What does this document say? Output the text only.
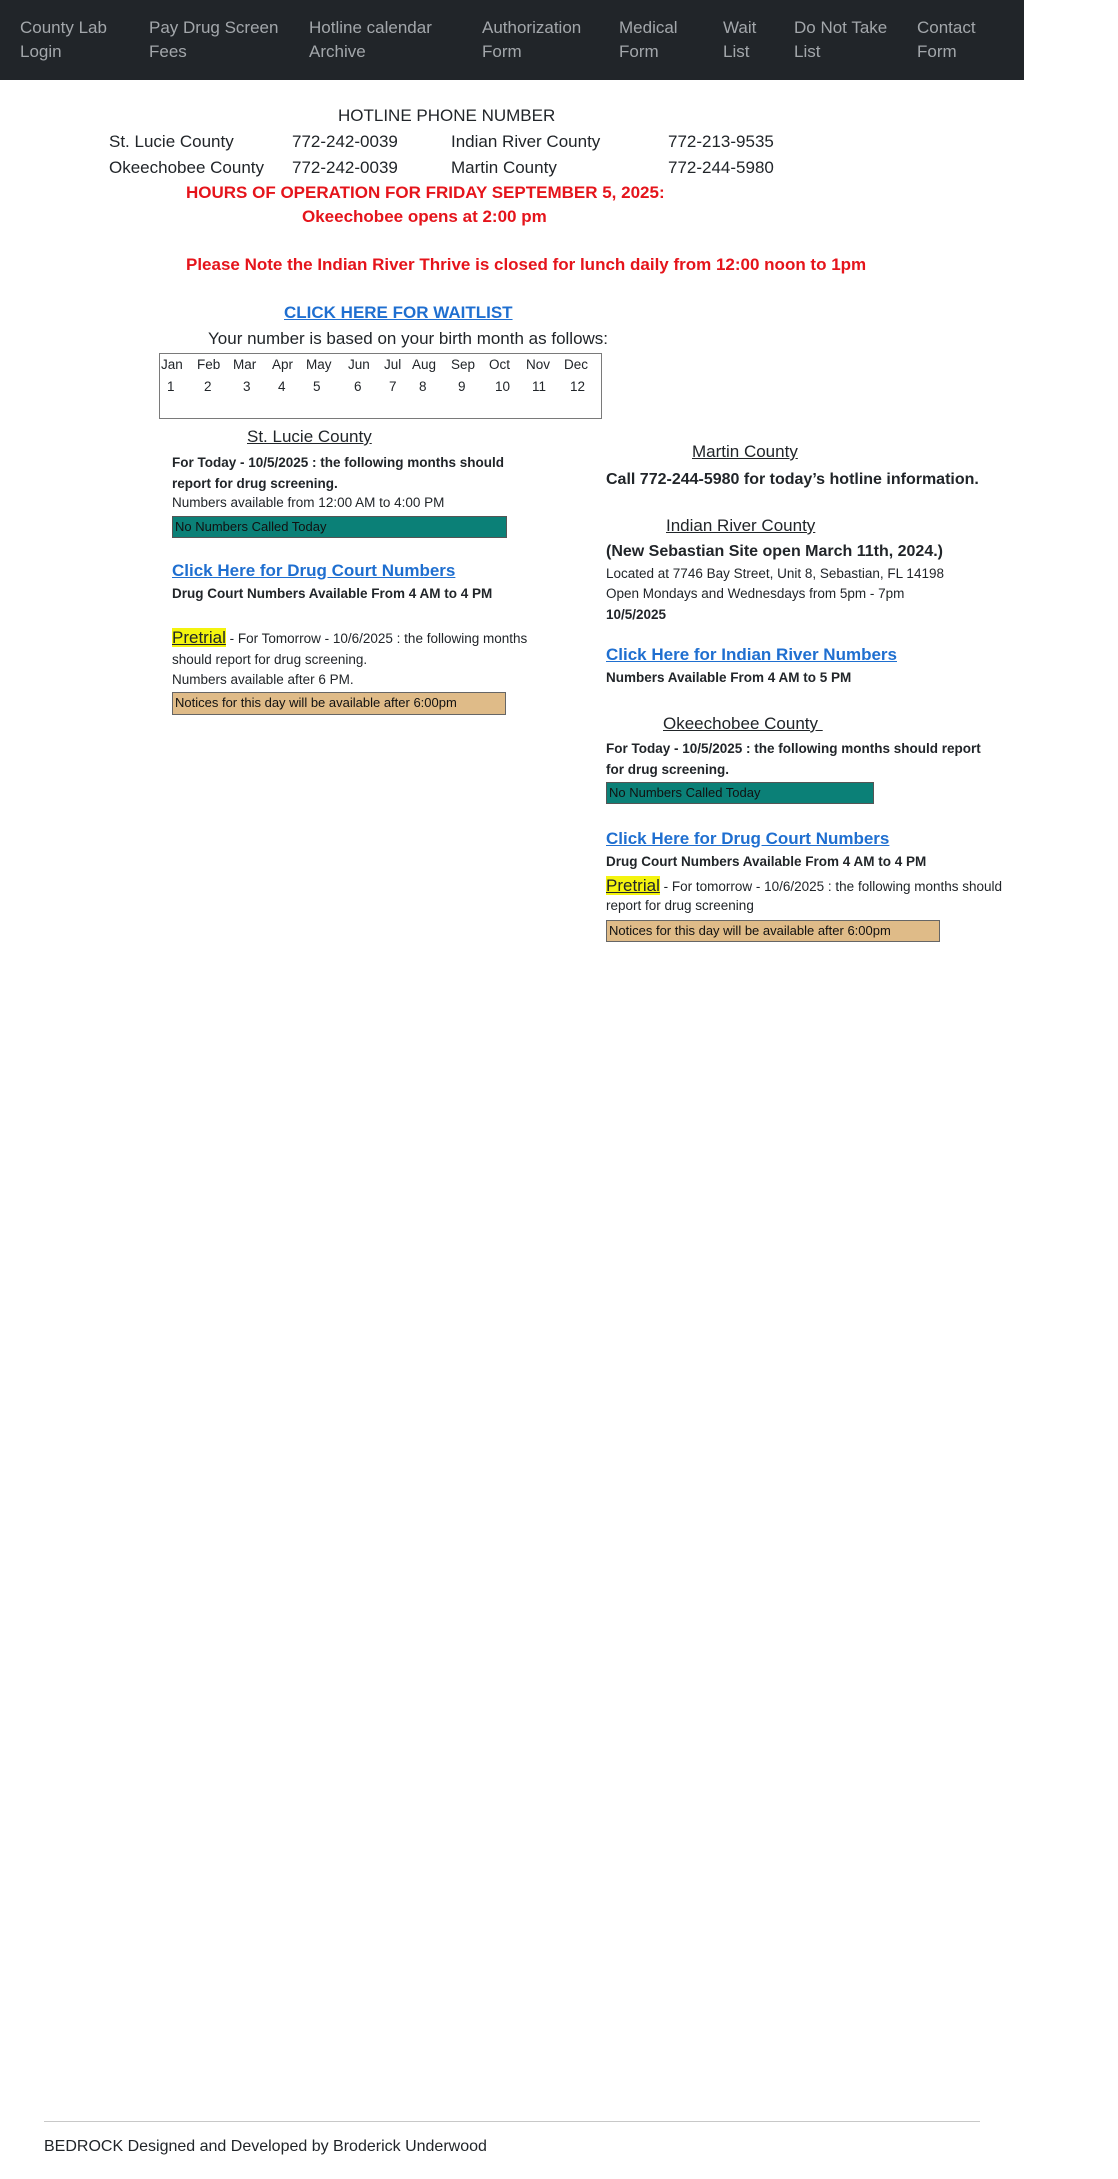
County Lab
Login
Pay Drug Screen
Fees
Hotline calendar
Archive
Authorization
Form
Medical
Form
Wait
List
Do Not Take
List
Contact
Form
HOTLINE PHONE NUMBER
St. Lucie County	772-242-0039	Indian River County	772-213-9535
Okeechobee County 772-242-0039	Martin County	772-244-5980
HOURS OF OPERATION FOR FRIDAY SEPTEMBER 5, 2025:
Okeechobee opens at 2:00 pm
Please Note the Indian River Thrive is closed for lunch daily from 12:00 noon to 1pm
CLICK HERE FOR WAITLIST
Your number is based on your birth month as follows:
Jan Feb Mar Apr May Jun Jul Aug Sep Oct Nov Dec
1 2 3 4 5 6 7 8 9 10 11 12
St. Lucie County
For Today - 10/5/2025 : the following months should
report for drug screening.
Numbers available from 12:00 AM to 4:00 PM
No Numbers Called Today
Click Here for Drug Court Numbers
Drug Court Numbers Available From 4 AM to 4 PM
Pretrial - For Tomorrow - 10/6/2025 : the following months
should report for drug screening.
Numbers available after 6 PM.
Notices for this day will be available after 6:00pm
Martin County
Call 772-244-5980 for today’s hotline information.
Indian River County
(New Sebastian Site open March 11th, 2024.)
Located at 7746 Bay Street, Unit 8, Sebastian, FL 14198
Open Mondays and Wednesdays from 5pm - 7pm
10/5/2025
Click Here for Indian River Numbers
Numbers Available From 4 AM to 5 PM
Okeechobee County
For Today - 10/5/2025 : the following months should report
for drug screening.
No Numbers Called Today
Click Here for Drug Court Numbers
Drug Court Numbers Available From 4 AM to 4 PM
Pretrial - For tomorrow - 10/6/2025 : the following months should
report for drug screening
Notices for this day will be available after 6:00pm
BEDROCK Designed and Developed by Broderick Underwood
